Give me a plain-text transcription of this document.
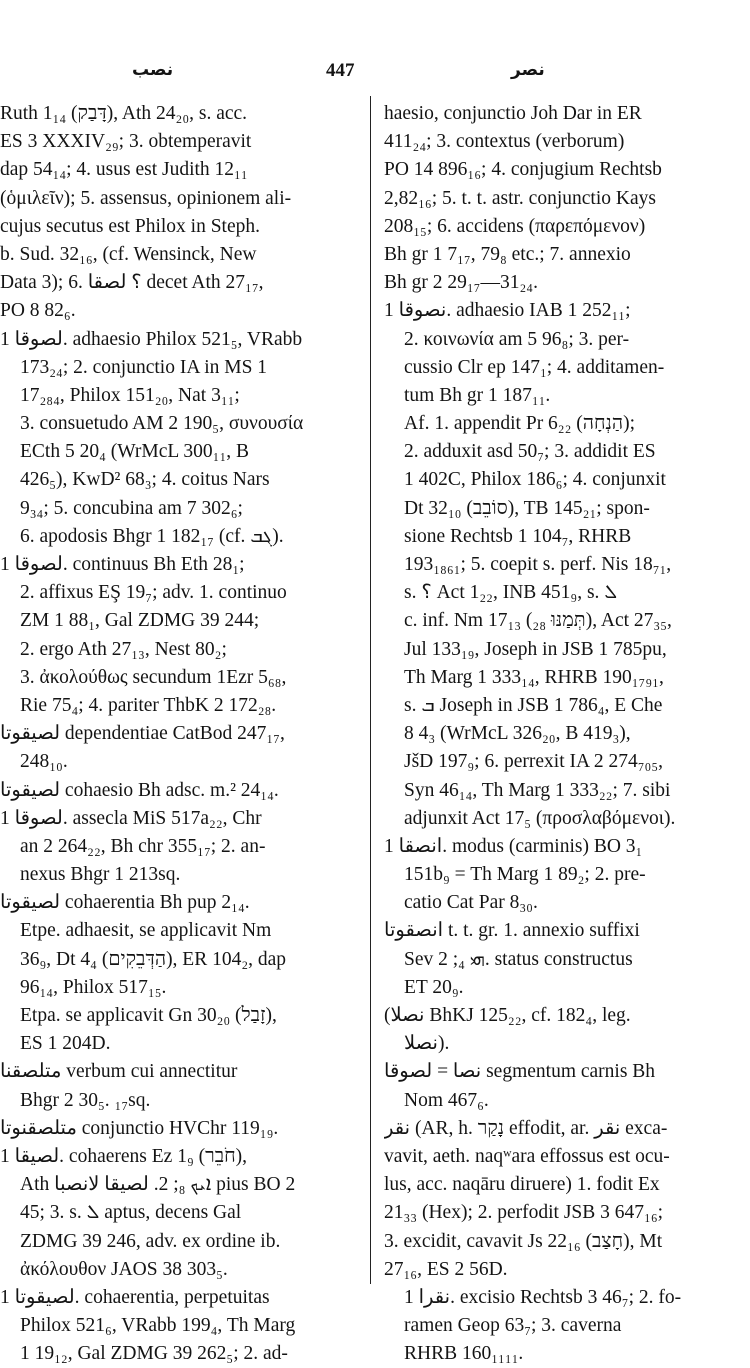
نصب	447	نصر
Ruth 1₁₄ (דָּבַק), Ath 24₂₀, s. acc.
ES 3 XXXIV₂₉; 3. obtemperavit
dap 54₁₄; 4. usus est Judith 12₁₁
(ὁμιλεῖν); 5. assensus, opinionem ali-
cujus secutus est Philox in Steph.
b. Sud. 32₁₆, (cf. Wensinck, New
Data 3); 6. ؟ لصقا decet Ath 27₁₇,
PO 8 82₆.
لصوقا 1. adhaesio Philox 521₅, VRabb
173₂₄; 2. conjunctio IA in MS 1
17₂₈₄, Philox 151₂₀, Nat 3₁₁;
3. consuetudo AM 2 190₅, συνουσία
ECth 5 20₄ (WrMcL 300₁₁, B
426₅), KwD² 68₃; 4. coitus Nars
9₃₄; 5. concubina am 7 302₆;
6. apodosis Bhgr 1 182₁₇ (cf. ܓܒ).
لصوقا 1. continuus Bh Eth 28₁;
2. affixus EŞ 19₇; adv. 1. continuo
ZM 1 88₁, Gal ZDMG 39 244;
2. ergo Ath 27₁₃, Nest 80₂;
3. ἀκολούθως secundum 1Ezr 5₆₈,
Rie 75₄; 4. pariter ThbK 2 172₂₈.
لصيقوتا dependentiae CatBod 247₁₇,
248₁₀.
لصيقوتا cohaesio Bh adsc. m.² 24₁₄.
لصوقا 1. assecla MiS 517a₂₂, Chr
an 2 264₂₂, Bh chr 355₁₇; 2. an-
nexus Bhgr 1 213sq.
لصيقوتا cohaerentia Bh pup 2₁₄.
Etpe. adhaesit, se applicavit Nm
36₉, Dt 4₄ (הַדְּבֵקִים), ER 104₂, dap
96₁₄, Philox 517₁₅.
Etpa. se applicavit Gn 30₂₀ (זָבַל),
ES 1 204D.
متلصقنا verbum cui annectitur
Bhgr 2 30₅. ₁₇sq.
متلصقنوتا conjunctio HVChr 119₁₉.
لصيقا 1. cohaerens Ez 1₉ (חֹבֵר),
Ath ܐܝܟ ₈; 2. لصيقا لانصبا pius BO 2
45; 3. s. ܠ aptus, decens Gal
ZDMG 39 246, adv. ex ordine ib.
ἀκόλουθον JAOS 38 303₅.
لصيقوتا 1. cohaerentia, perpetuitas
Philox 521₆, VRabb 199₄, Th Marg
1 19₁₂, Gal ZDMG 39 262₅; 2. ad-
haesio, conjunctio Joh Dar in ER
411₂₄; 3. contextus (verborum)
PO 14 896₁₆; 4. conjugium Rechtsb
2,82₁₆; 5. t. t. astr. conjunctio Kays
208₁₅; 6. accidens (παρεπόμενον)
Bh gr 1 7₁₇, 79₈ etc.; 7. annexio
Bh gr 2 29₁₇—31₂₄.
نصوقا 1. adhaesio IAB 1 252₁₁;
2. κοινωνία am 5 96₈; 3. per-
cussio Clr ep 147₁; 4. additamen-
tum Bh gr 1 187₁₁.
Af. 1. appendit Pr 6₂₂ (הַנְחָה);
2. adduxit asd 50₇; 3. addidit ES
1 402C, Philox 186₆; 4. conjunxit
Dt 32₁₀ (סוֹבֵב), TB 145₂₁; spon-
sione Rechtsb 1 104₇, RHRB
193₁₈₆₁; 5. coepit s. perf. Nis 18₇₁,
s. ؟ Act 1₂₂, INB 451₉, s. ܠ
c. inf. Nm 17₁₃ (תְּמַנּוּ ₂₈), Act 27₃₅,
Jul 133₁₉, Joseph in JSB 1 785pu,
Th Marg 1 333₁₄, RHRB 190₁₇₉₁,
s. ܒ Joseph in JSB 1 786₄, E Che
8 4₃ (WrMcL 326₂₀, B 419₃),
JšD 197₉; 6. perrexit IA 2 274₇₀₅,
Syn 46₁₄, Th Marg 1 333₂₂; 7. sibi
adjunxit Act 17₅ (προσλαβόμενοι).
انصقا 1. modus (carminis) BO 3₁
151b₉ = Th Marg 1 89₂; 2. pre-
catio Cat Par 8₃₀.
انصقوتا t. t. gr. 1. annexio suffixi
Sev ܗܝ ₄; 2. status constructus
ET 20₉.
(نصلا BhKJ 125₂₂, cf. 182₄, leg.
نصلا).
نصا = لصوقا segmentum carnis Bh
Nom 467₆.
نقر (AR, h. נָקַר effodit, ar. نقر exca-
vavit, aeth. naqʷara effossus est ocu-
lus, acc. naqāru diruere) 1. fodit Ex
21₃₃ (Hex); 2. perfodit JSB 3 647₁₆;
3. excidit, cavavit Js 22₁₆ (חָצַב), Mt
27₁₆, ES 2 56D.
نقرا 1. excisio Rechtsb 3 46₇; 2. fo-
ramen Geop 63₇; 3. caverna
RHRB 160₁₁₁₁.
